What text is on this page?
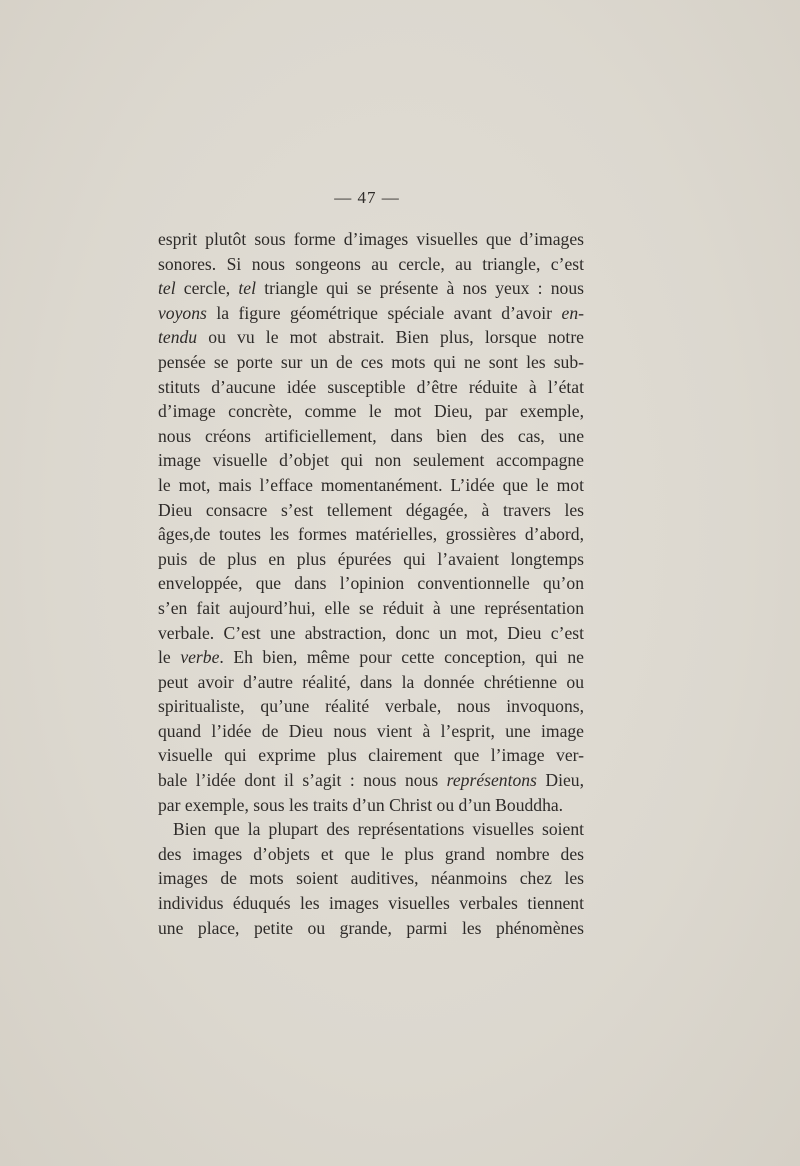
— 47 —
esprit plutôt sous forme d’images visuelles que d’images
sonores. Si nous songeons au cercle, au triangle, c’est
tel cercle, tel triangle qui se présente à nos yeux : nous
voyons la figure géométrique spéciale avant d’avoir en-
tendu ou vu le mot abstrait. Bien plus, lorsque notre
pensée se porte sur un de ces mots qui ne sont les sub-
stituts d’aucune idée susceptible d’être réduite à l’état
d’image concrète, comme le mot Dieu, par exemple,
nous créons artificiellement, dans bien des cas, une
image visuelle d’objet qui non seulement accompagne
le mot, mais l’efface momentanément. L’idée que le mot
Dieu consacre s’est tellement dégagée, à travers les
âges,de toutes les formes matérielles, grossières d’abord,
puis de plus en plus épurées qui l’avaient longtemps
enveloppée, que dans l’opinion conventionnelle qu’on
s’en fait aujourd’hui, elle se réduit à une représentation
verbale. C’est une abstraction, donc un mot, Dieu c’est
le verbe. Eh bien, même pour cette conception, qui ne
peut avoir d’autre réalité, dans la donnée chrétienne ou
spiritualiste, qu’une réalité verbale, nous invoquons,
quand l’idée de Dieu nous vient à l’esprit, une image
visuelle qui exprime plus clairement que l’image ver-
bale l’idée dont il s’agit : nous nous représentons Dieu,
par exemple, sous les traits d’un Christ ou d’un Bouddha.
Bien que la plupart des représentations visuelles soient
des images d’objets et que le plus grand nombre des
images de mots soient auditives, néanmoins chez les
individus éduqués les images visuelles verbales tiennent
une place, petite ou grande, parmi les phénomènes
